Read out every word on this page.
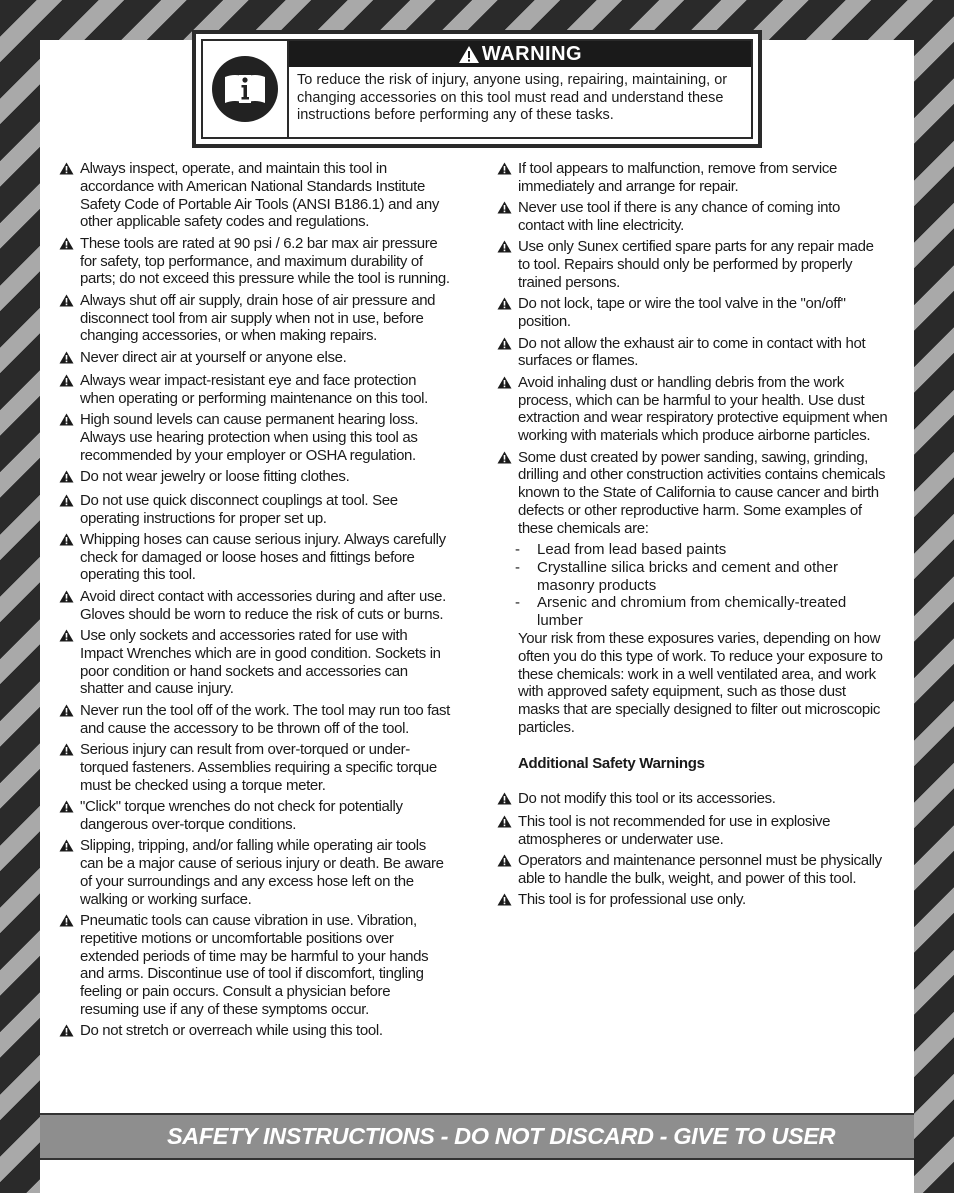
WARNING
To reduce the risk of injury, anyone using, repairing, maintaining, or changing accessories on this tool must read and understand these instructions before performing any of these tasks.
Always inspect, operate, and maintain this tool in accordance with American National Standards Institute Safety Code of Portable Air Tools (ANSI B186.1) and any other applicable safety codes and regulations.
These tools are rated at 90 psi / 6.2 bar max air pressure for safety, top performance, and maximum durability of parts; do not exceed this pressure while the tool is running.
Always shut off air supply, drain hose of air pressure and disconnect tool from air supply when not in use, before changing accessories, or when making repairs.
Never direct air at yourself or anyone else.
Always wear impact-resistant eye and face protection when operating or performing maintenance on this tool.
High sound levels can cause permanent hearing loss. Always use hearing protection when using this tool as recommended by your employer or OSHA regulation.
Do not wear jewelry or loose fitting clothes.
Do not use quick disconnect couplings at tool. See operating instructions for proper set up.
Whipping hoses can cause serious injury. Always carefully check for damaged or loose hoses and fittings before operating this tool.
Avoid direct contact with accessories during and after use. Gloves should be worn to reduce the risk of cuts or burns.
Use only sockets and accessories rated for use with Impact Wrenches which are in good condition. Sockets in poor condition or hand sockets and accessories can shatter and cause injury.
Never run the tool off of the work. The tool may run too fast and cause the accessory to be thrown off of the tool.
Serious injury can result from over-torqued or under-torqued fasteners. Assemblies requiring a specific torque must be checked using a torque meter.
"Click" torque wrenches do not check for potentially dangerous over-torque conditions.
Slipping, tripping, and/or falling while operating air tools can be a major cause of serious injury or death. Be aware of your surroundings and any excess hose left on the walking or working surface.
Pneumatic tools can cause vibration in use. Vibration, repetitive motions or uncomfortable positions over extended periods of time may be harmful to your hands and arms. Discontinue use of tool if discomfort, tingling feeling or pain occurs. Consult a physician before resuming use if any of these symptoms occur.
Do not stretch or overreach while using this tool.
If tool appears to malfunction, remove from service immediately and arrange for repair.
Never use tool if there is any chance of coming into contact with line electricity.
Use only Sunex certified spare parts for any repair made to tool. Repairs should only be performed by properly trained persons.
Do not lock, tape or wire the tool valve in the "on/off" position.
Do not allow the exhaust air to come in contact with hot surfaces or flames.
Avoid inhaling dust or handling debris from the work process, which can be harmful to your health. Use dust extraction and wear respiratory protective equipment when working with materials which produce airborne particles.
Some dust created by power sanding, sawing, grinding, drilling and other construction activities contains chemicals known to the State of California to cause cancer and birth defects or other reproductive harm. Some examples of these chemicals are:
-	Lead from lead based paints
-	Crystalline silica bricks and cement and other masonry products
-	Arsenic and chromium from chemically-treated lumber
Your risk from these exposures varies, depending on how often you do this type of work. To reduce your exposure to these chemicals: work in a well ventilated area, and work with approved safety equipment, such as those dust masks that are specially designed to filter out microscopic particles.
Additional Safety Warnings
Do not modify this tool or its accessories.
This tool is not recommended for use in explosive atmospheres or underwater use.
Operators and maintenance personnel must be physically able to handle the bulk, weight, and power of this tool.
This tool is for professional use only.
SAFETY INSTRUCTIONS - DO NOT DISCARD - GIVE TO USER
